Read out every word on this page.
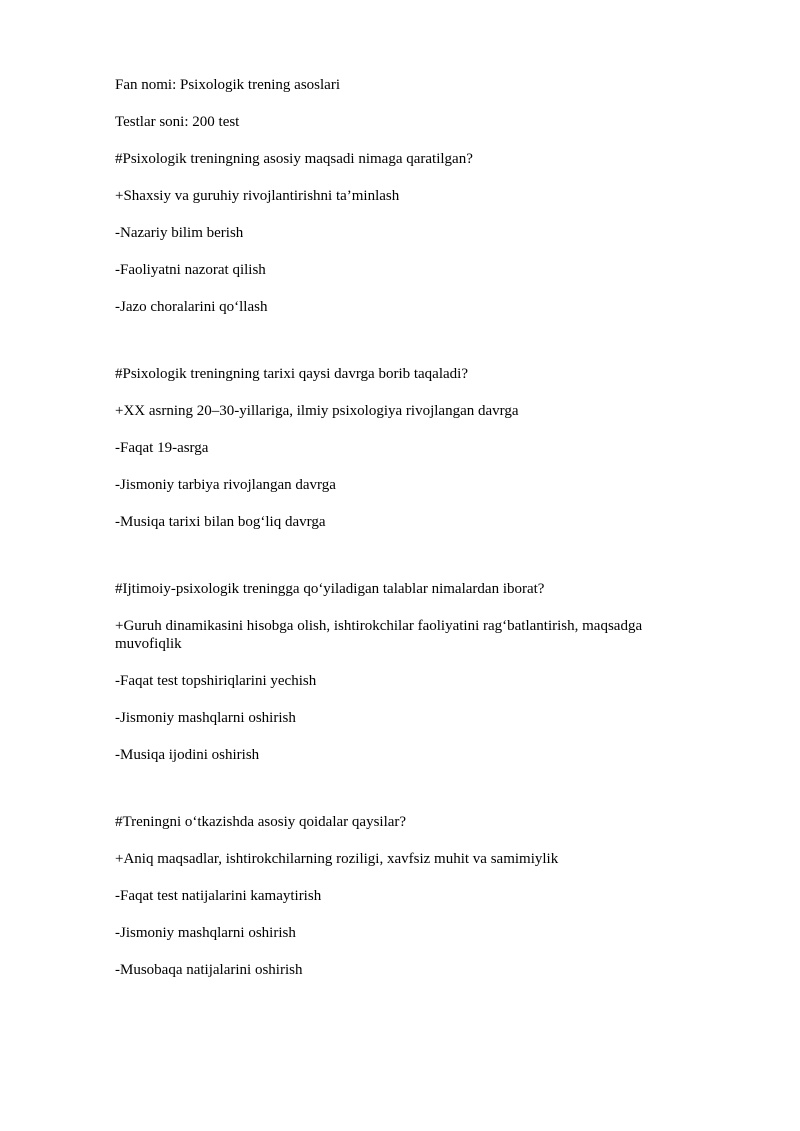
Fan nomi: Psixologik trening asoslari
Testlar soni: 200 test
#Psixologik treningning asosiy maqsadi nimaga qaratilgan?
+Shaxsiy va guruhiy rivojlantirishni ta’minlash
-Nazariy bilim berish
-Faoliyatni nazorat qilish
-Jazo choralarini qo‘llash
#Psixologik treningning tarixi qaysi davrga borib taqaladi?
+XX asrning 20–30-yillariga, ilmiy psixologiya rivojlangan davrga
-Faqat 19-asrga
-Jismoniy tarbiya rivojlangan davrga
-Musiqa tarixi bilan bog‘liq davrga
#Ijtimoiy-psixologik treningga qo‘yiladigan talablar nimalardan iborat?
+Guruh dinamikasini hisobga olish, ishtirokchilar faoliyatini rag‘batlantirish, maqsadga muvofiqlik
-Faqat test topshiriqlarini yechish
-Jismoniy mashqlarni oshirish
-Musiqa ijodini oshirish
#Treningni o‘tkazishda asosiy qoidalar qaysilar?
+Aniq maqsadlar, ishtirokchilarning roziligi, xavfsiz muhit va samimiylik
-Faqat test natijalarini kamaytirish
-Jismoniy mashqlarni oshirish
-Musobaqa natijalarini oshirish
